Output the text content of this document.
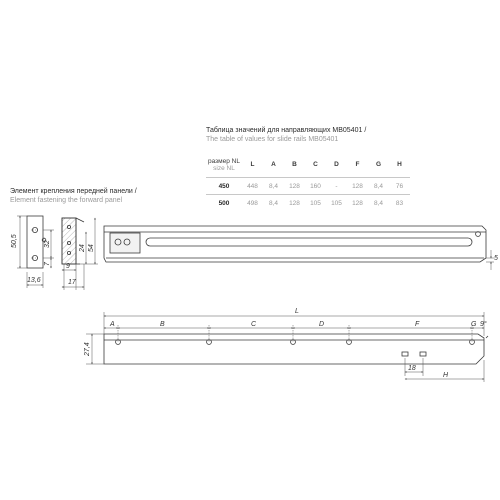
Таблица значений для направляющих MB05401 /
The table of values for slide rails MB05401
размер NL
size NL	L	A	B	C	D	F	G	H
450	448	8,4	128	160	-	128	8,4	76
500	498	8,4	128	105	105	128	8,4	83
Элемент крепления передней панели /
Element fastening the forward panel
50,5	32
7
13,6
24 54
9
17
5
L
A	B	C	D	F	G 9°
27,4
18
H
